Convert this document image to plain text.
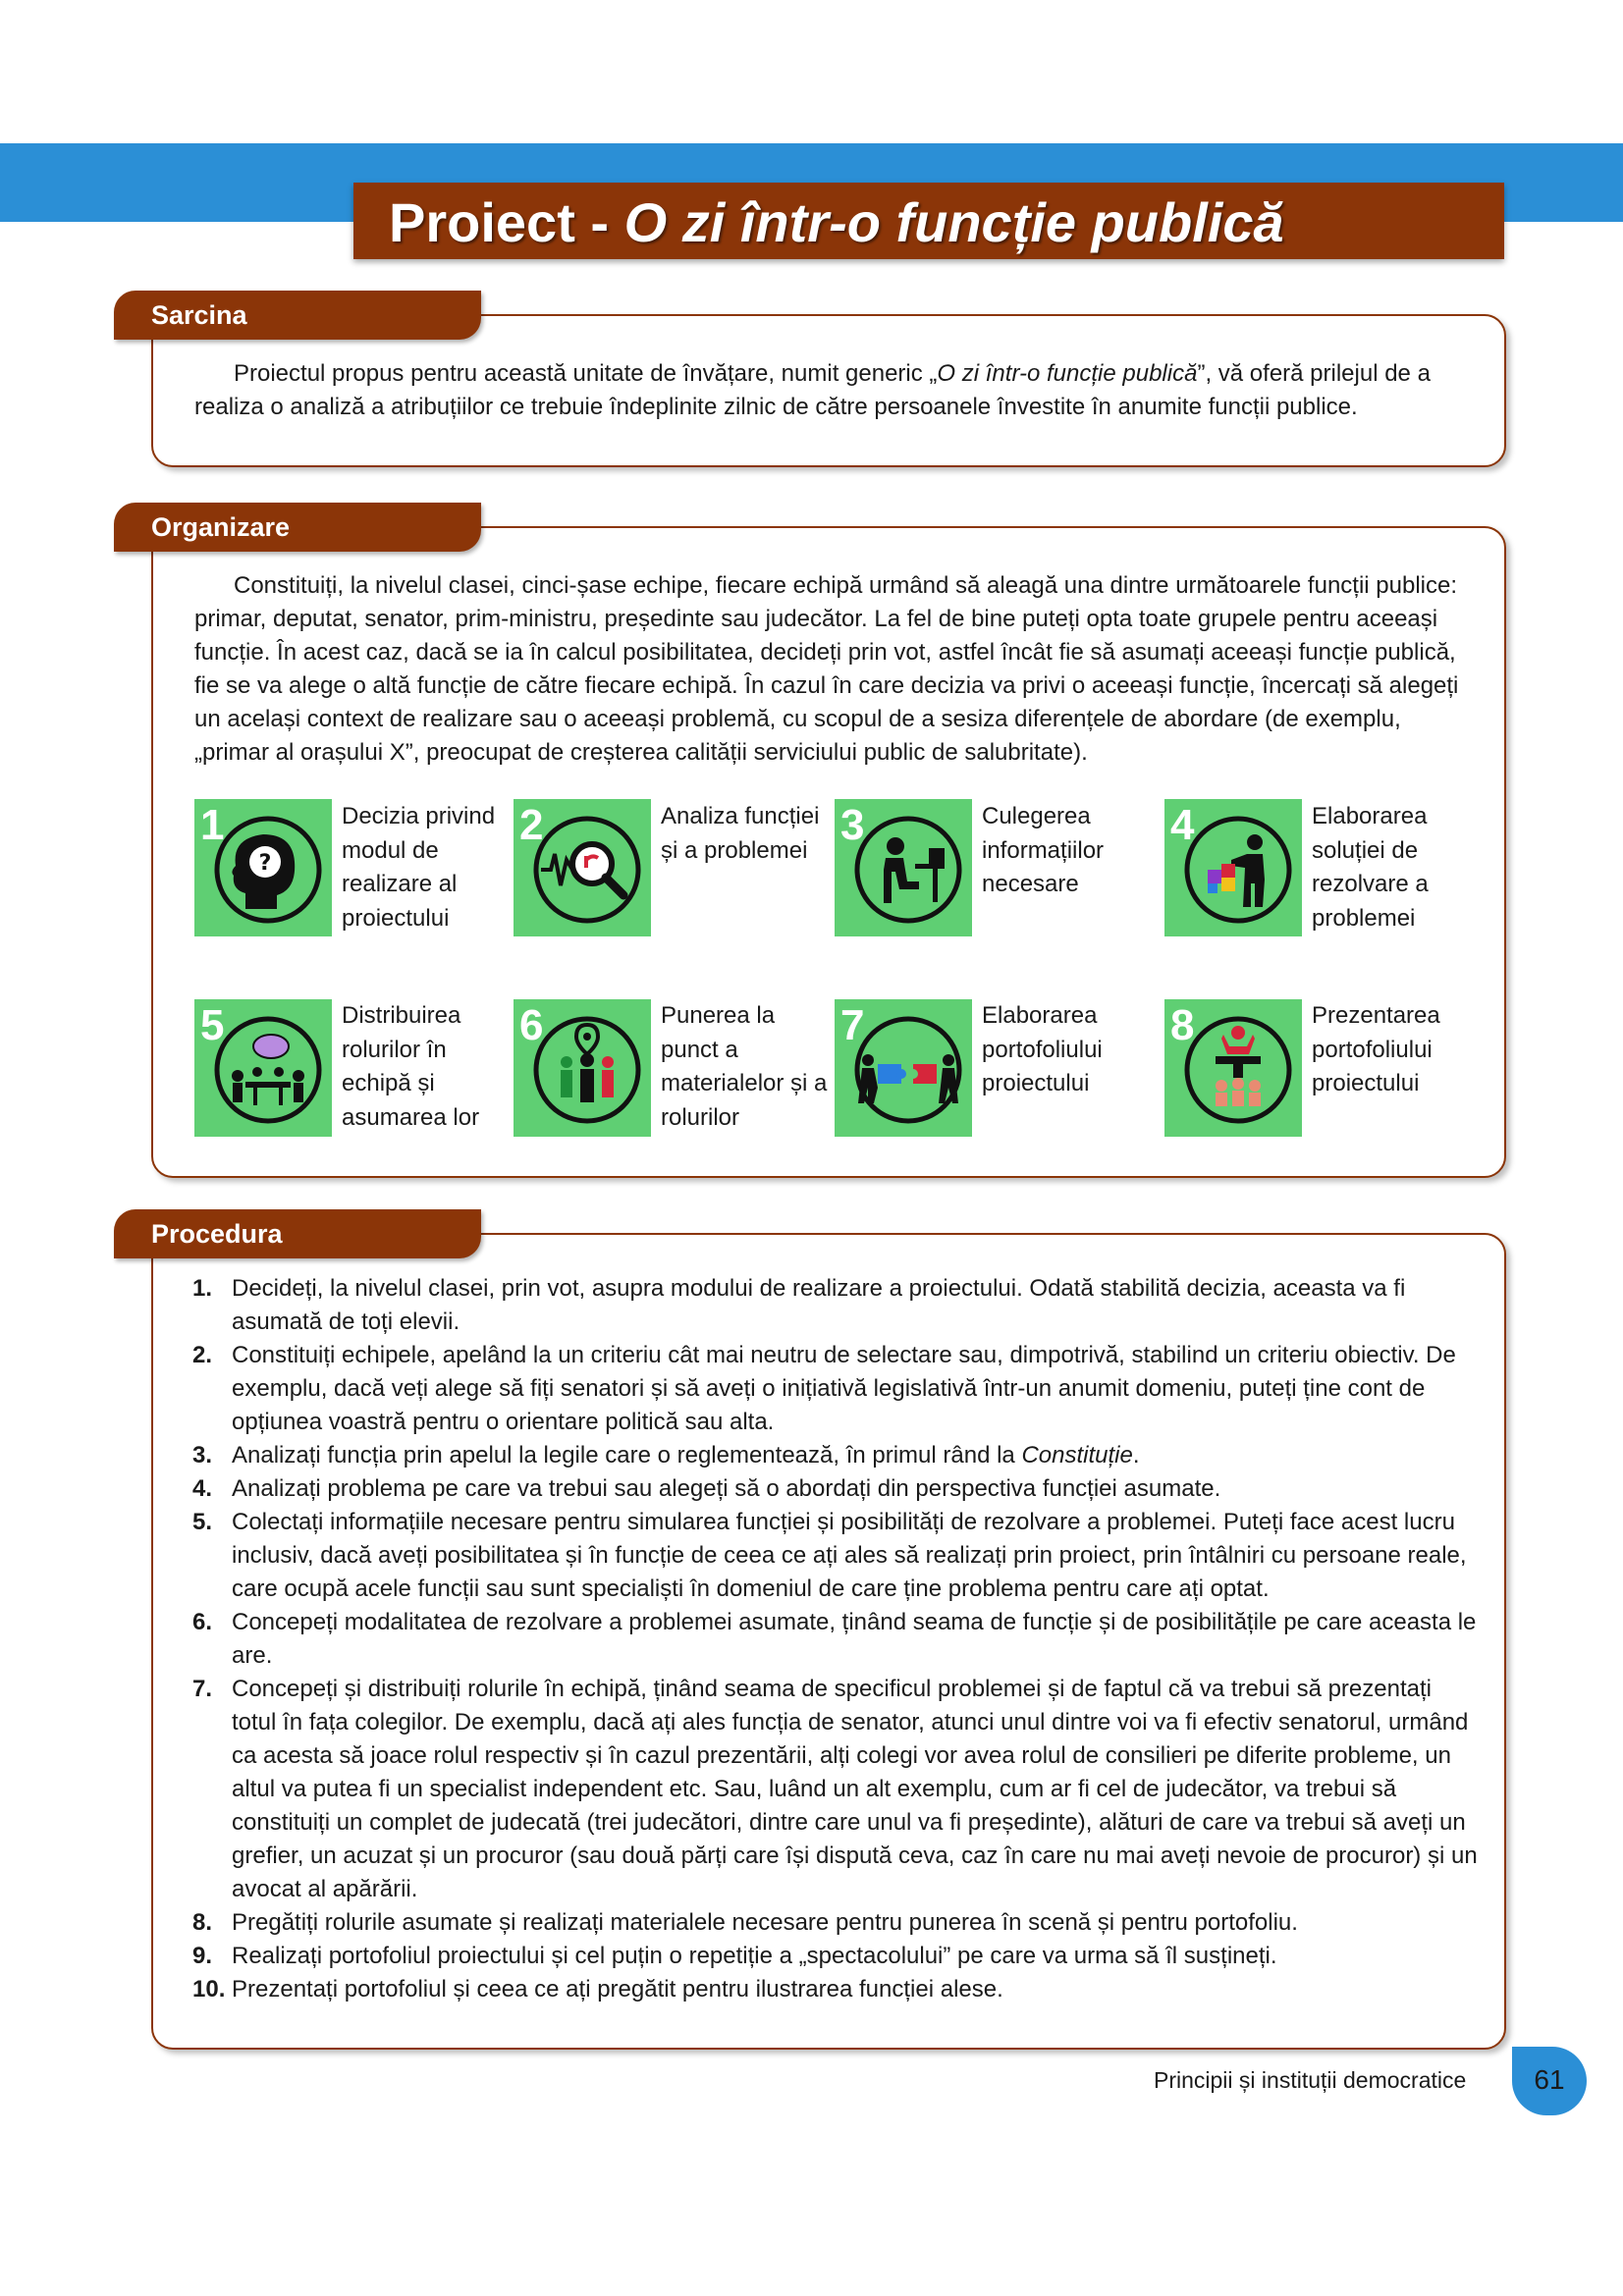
Proiect - O zi într-o funcție publică
Proiectul propus pentru această unitate de învățare, numit generic „O zi într-o funcție publică”, vă oferă prilejul de a realiza o analiză a atribuțiilor ce trebuie îndeplinite zilnic de către persoanele învestite în anumite funcții publice.
Sarcina
Constituiți, la nivelul clasei, cinci-șase echipe, fiecare echipă urmând să aleagă una dintre următoarele funcții publice: primar, deputat, senator, prim-ministru, președinte sau judecător. La fel de bine puteți opta toate grupele pentru aceeași funcție. În acest caz, dacă se ia în calcul posibilitatea, decideți prin vot, astfel încât fie să asumați aceeași funcție publică, fie se va alege o altă funcție de către fiecare echipă. În cazul în care decizia va privi o aceeași funcție, încercați să alegeți un același context de realizare sau o aceeași problemă, cu scopul de a sesiza diferențele de abordare (de exemplu, „primar al orașului X”, preocupat de creșterea calității serviciului public de salubritate).
Organizare
?
1	Decizia privind modul de realizare al proiectului
2	Analiza funcției și a problemei
3	Culegerea informațiilor necesare
4	Elaborarea soluției de rezolvare a problemei
5	Distribuirea rolurilor în echipă și asumarea lor
6	Punerea la punct a materialelor și a rolurilor
7	Elaborarea portofoliului proiectului
8	Prezentarea portofoliului proiectului
Procedura
1. Decideți, la nivelul clasei, prin vot, asupra modului de realizare a proiectului. Odată stabilită decizia, aceasta va fi asumată de toți elevii.
2. Constituiți echipele, apelând la un criteriu cât mai neutru de selectare sau, dimpotrivă, stabilind un criteriu obiectiv. De exemplu, dacă veți alege să fiți senatori și să aveți o inițiativă legislativă într-un anumit domeniu, puteți ține cont de opțiunea voastră pentru o orientare politică sau alta.
3. Analizați funcția prin apelul la legile care o reglementează, în primul rând la Constituție.
4. Analizați problema pe care va trebui sau alegeți să o abordați din perspectiva funcției asumate.
5. Colectați informațiile necesare pentru simularea funcției și posibilități de rezolvare a problemei. Puteți face acest lucru inclusiv, dacă aveți posibilitatea și în funcție de ceea ce ați ales să realizați prin proiect, prin întâlniri cu persoane reale, care ocupă acele funcții sau sunt specialiști în domeniul de care ține problema pentru care ați optat.
6. Concepeți modalitatea de rezolvare a problemei asumate, ținând seama de funcție și de posibilitățile pe care aceasta le are.
7. Concepeți și distribuiți rolurile în echipă, ținând seama de specificul problemei și de faptul că va trebui să prezentați totul în fața colegilor. De exemplu, dacă ați ales funcția de senator, atunci unul dintre voi va fi efectiv senatorul, urmând ca acesta să joace rolul respectiv și în cazul prezentării, alți colegi vor avea rolul de consilieri pe diferite probleme, un altul va putea fi un specialist independent etc. Sau, luând un alt exemplu, cum ar fi cel de judecător, va trebui să constituiți un complet de judecată (trei judecători, dintre care unul va fi președinte), alături de care va trebui să aveți un grefier, un acuzat și un procuror (sau două părți care își dispută ceva, caz în care nu mai aveți nevoie de procuror) și un avocat al apărării.
8. Pregătiți rolurile asumate și realizați materialele necesare pentru punerea în scenă și pentru portofoliu.
9. Realizați portofoliul proiectului și cel puțin o repetiție a „spectacolului” pe care va urma să îl susțineți.
10. Prezentați portofoliul și ceea ce ați pregătit pentru ilustrarea funcției alese.
Principii și instituții democratice	61
